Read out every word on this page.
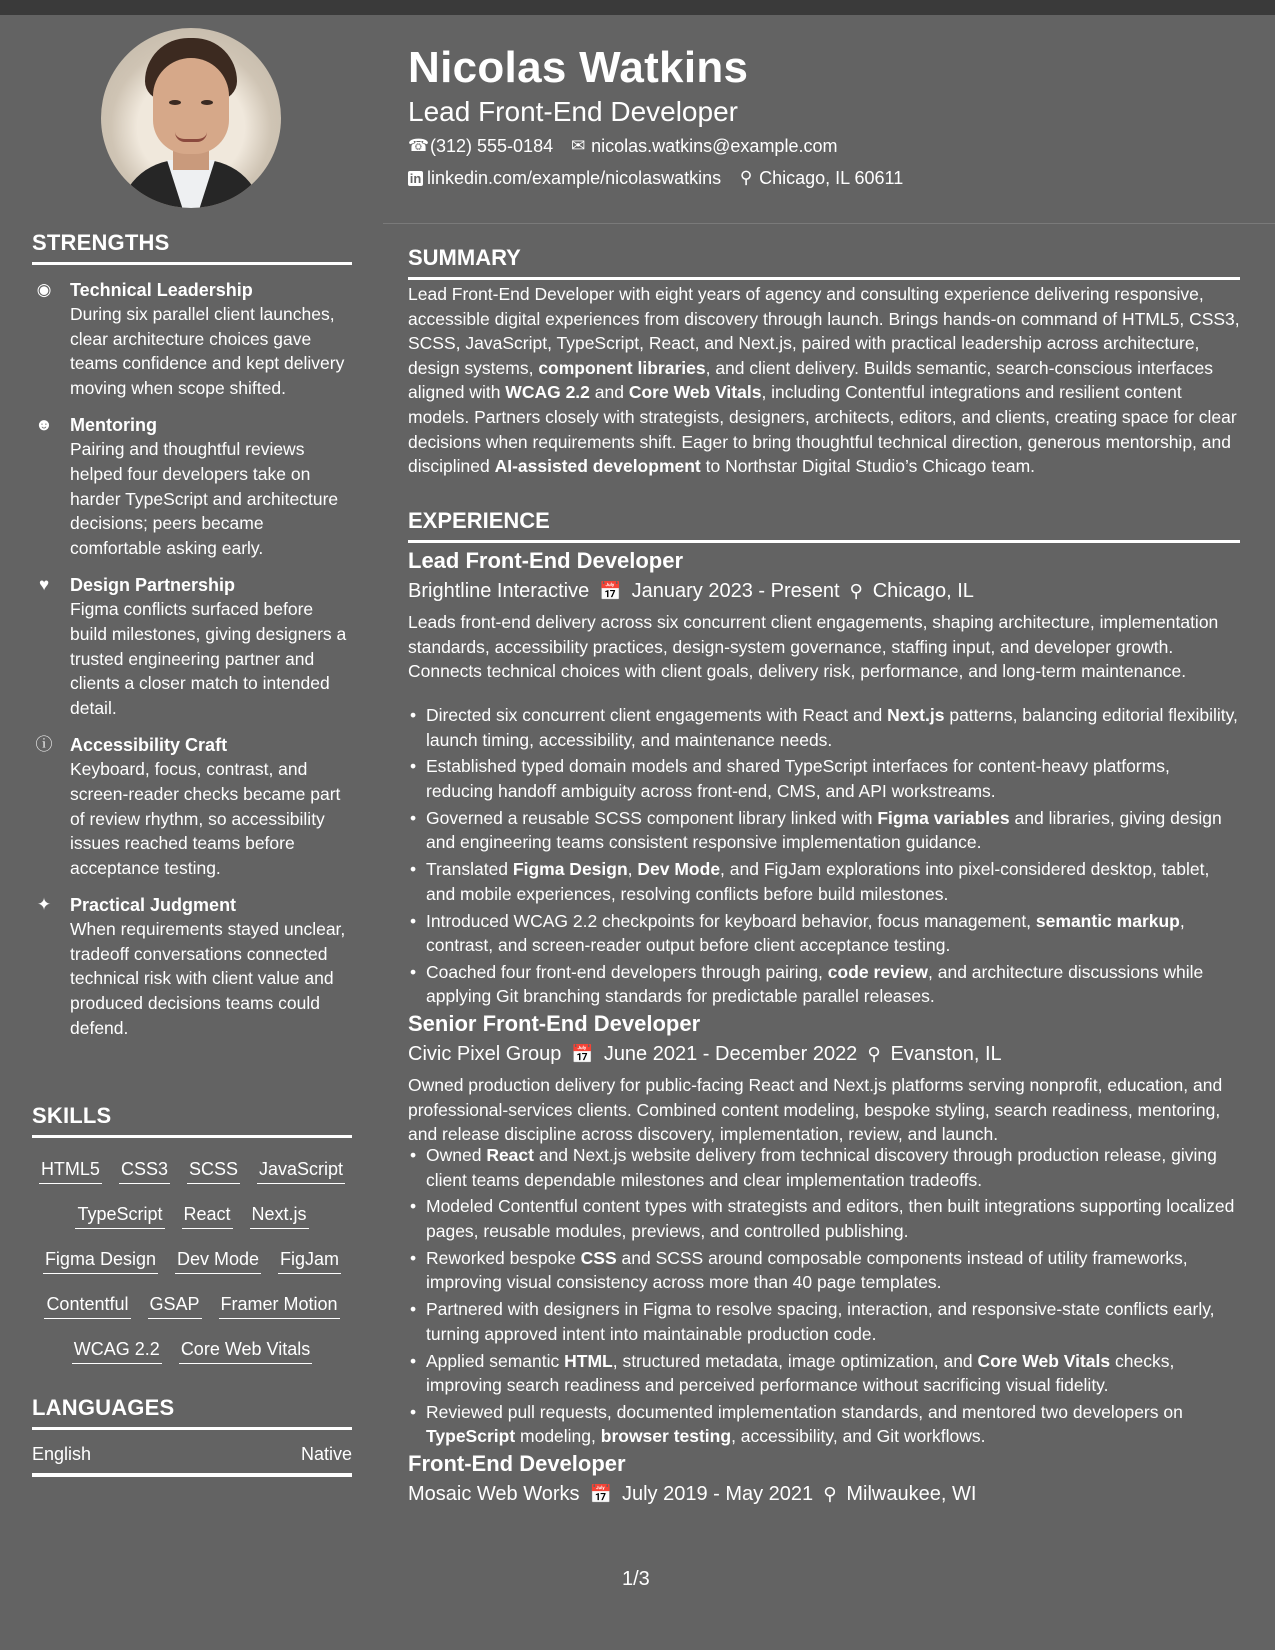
STRENGTHS
◉ Technical Leadership
During six parallel client launches, clear architecture choices gave teams confidence and kept delivery moving when scope shifted.
☻ Mentoring
Pairing and thoughtful reviews helped four developers take on harder TypeScript and architecture decisions; peers became comfortable asking early.
♥	Design Partnership
Figma conflicts surfaced before build milestones, giving designers a trusted engineering partner and clients a closer match to intended detail.
ⓘ Accessibility Craft
Keyboard, focus, contrast, and screen-reader checks became part of review rhythm, so accessibility issues reached teams before acceptance testing.
✦ Practical Judgment
When requirements stayed unclear, tradeoff conversations connected technical risk with client value and produced decisions teams could defend.
SKILLS
HTML5 CSS3 SCSS JavaScript
TypeScript React Next.js
Figma Design Dev Mode FigJam
Contentful GSAP Framer Motion
WCAG 2.2 Core Web Vitals
LANGUAGES
English	Native
Nicolas Watkins
Lead Front-End Developer
☎ (312) 555-0184 ✉ nicolas.watkins@example.com
in linkedin.com/example/nicolaswatkins ⚲ Chicago, IL 60611
SUMMARY
Lead Front-End Developer with eight years of agency and consulting experience delivering responsive, accessible digital experiences from discovery through launch. Brings hands-on command of HTML5, CSS3, SCSS, JavaScript, TypeScript, React, and Next.js, paired with practical leadership across architecture, design systems, component libraries, and client delivery. Builds semantic, search-conscious interfaces aligned with WCAG 2.2 and Core Web Vitals, including Contentful integrations and resilient content models. Partners closely with strategists, designers, architects, editors, and clients, creating space for clear decisions when requirements shift. Eager to bring thoughtful technical direction, generous mentorship, and disciplined AI-assisted development to Northstar Digital Studio’s Chicago team.
EXPERIENCE
Lead Front-End Developer
Brightline Interactive 📅 January 2023 - Present ⚲ Chicago, IL
Leads front-end delivery across six concurrent client engagements, shaping architecture, implementation standards, accessibility practices, design-system governance, staffing input, and developer growth. Connects technical choices with client goals, delivery risk, performance, and long-term maintenance.
• Directed six concurrent client engagements with React and Next.js patterns, balancing editorial flexibility, launch timing, accessibility, and maintenance needs.
• Established typed domain models and shared TypeScript interfaces for content-heavy platforms, reducing handoff ambiguity across front-end, CMS, and API workstreams.
• Governed a reusable SCSS component library linked with Figma variables and libraries, giving design and engineering teams consistent responsive implementation guidance.
• Translated Figma Design, Dev Mode, and FigJam explorations into pixel-considered desktop, tablet, and mobile experiences, resolving conflicts before build milestones.
• Introduced WCAG 2.2 checkpoints for keyboard behavior, focus management, semantic markup, contrast, and screen-reader output before client acceptance testing.
• Coached four front-end developers through pairing, code review, and architecture discussions while applying Git branching standards for predictable parallel releases.
Senior Front-End Developer
Civic Pixel Group 📅 June 2021 - December 2022 ⚲ Evanston, IL
Owned production delivery for public-facing React and Next.js platforms serving nonprofit, education, and professional-services clients. Combined content modeling, bespoke styling, search readiness, mentoring, and release discipline across discovery, implementation, review, and launch.
• Owned React and Next.js website delivery from technical discovery through production release, giving client teams dependable milestones and clear implementation tradeoffs.
• Modeled Contentful content types with strategists and editors, then built integrations supporting localized pages, reusable modules, previews, and controlled publishing.
• Reworked bespoke CSS and SCSS around composable components instead of utility frameworks, improving visual consistency across more than 40 page templates.
• Partnered with designers in Figma to resolve spacing, interaction, and responsive-state conflicts early, turning approved intent into maintainable production code.
• Applied semantic HTML, structured metadata, image optimization, and Core Web Vitals checks, improving search readiness and perceived performance without sacrificing visual fidelity.
• Reviewed pull requests, documented implementation standards, and mentored two developers on TypeScript modeling, browser testing, accessibility, and Git workflows.
Front-End Developer
Mosaic Web Works 📅 July 2019 - May 2021 ⚲ Milwaukee, WI
1/3
